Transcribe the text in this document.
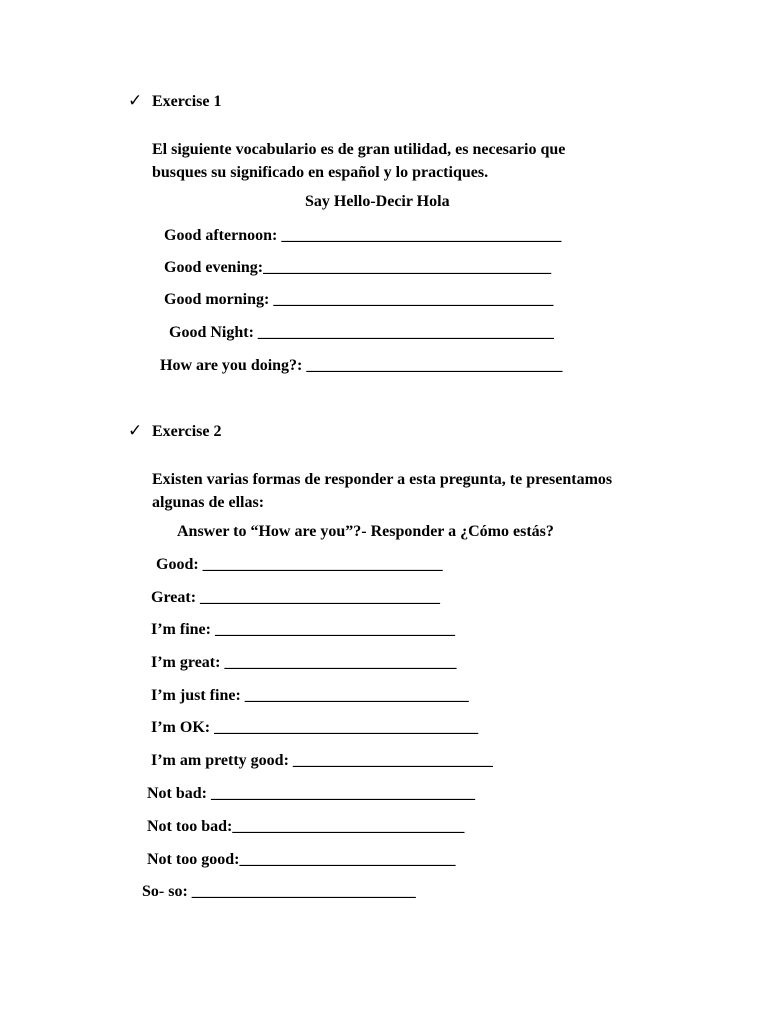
✓ Exercise 1
El siguiente vocabulario es de gran utilidad, es necesario que
busques su significado en español y lo practiques.
Say Hello-Decir Hola
Good afternoon: ___________________________________
Good evening:____________________________________
Good morning: ___________________________________
Good Night: _____________________________________
How are you doing?: ________________________________
✓ Exercise 2
Existen varias formas de responder a esta pregunta, te presentamos
algunas de ellas:
Answer to “How are you”?- Responder a ¿Cómo estás?
Good: ______________________________
Great: ______________________________
I’m fine: ______________________________
I’m great: _____________________________
I’m just fine: ____________________________
I’m OK: _________________________________
I’m am pretty good: _________________________
Not bad: _________________________________
Not too bad:_____________________________
Not too good:___________________________
So- so: ____________________________
